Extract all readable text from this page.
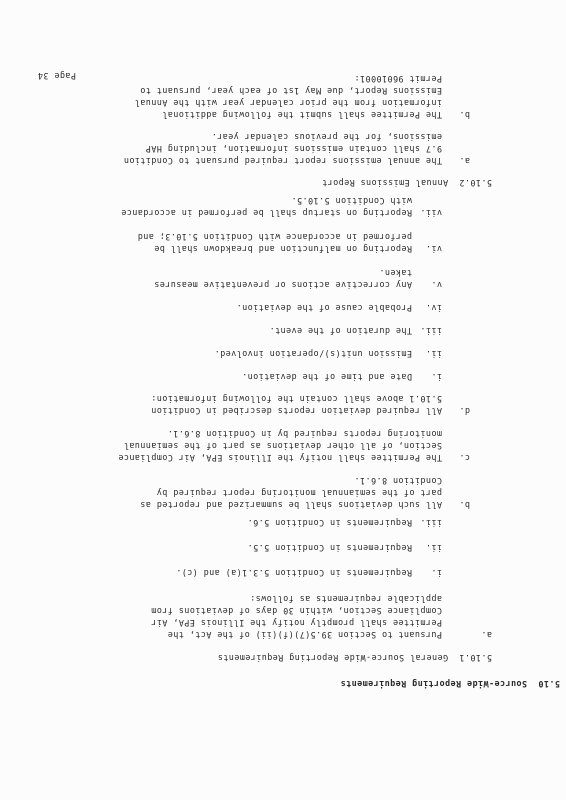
5.10  Source-Wide Reporting Requirements
5.10.1  General Source-Wide Reporting Requirements
a.
Pursuant to Section 39.5(7)(f)(ii) of the Act, the
Permittee shall promptly notify the Illinois EPA, Air
Compliance Section, within 30 days of deviations from
applicable requirements as follows:
i.
Requirements in Condition 5.3.1(a) and (c).
ii.
Requirements in Condition 5.5.
iii.
Requirements in Condition 5.6.
b.
All such deviations shall be summarized and reported as
part of the semiannual monitoring report required by
Condition 8.6.1.
c.
The Permittee shall notify the Illinois EPA, Air Compliance
Section, of all other deviations as part of the semiannual
monitoring reports required by in Condition 8.6.1.
d.
All required deviation reports described in Condition
5.10.1 above shall contain the following information:
i.
Date and time of the deviation.
ii.
Emission unit(s)/operation involved.
iii.
The duration of the event.
iv.
Probable cause of the deviation.
v.
Any corrective actions or preventative measures
taken.
vi.
Reporting on malfunction and breakdown shall be
performed in accordance with Condition 5.10.3; and
vii.
Reporting on startup shall be performed in accordance
with Condition 5.10.5.
5.10.2  Annual Emissions Report
a.
The annual emissions report required pursuant to Condition
9.7 shall contain emissions information, including HAP
emissions, for the previous calendar year.
b.
The Permittee shall submit the following additional
information from the prior calendar year with the Annual
Emissions Report, due May 1st of each year, pursuant to
Permit 96010001:
Page 34
